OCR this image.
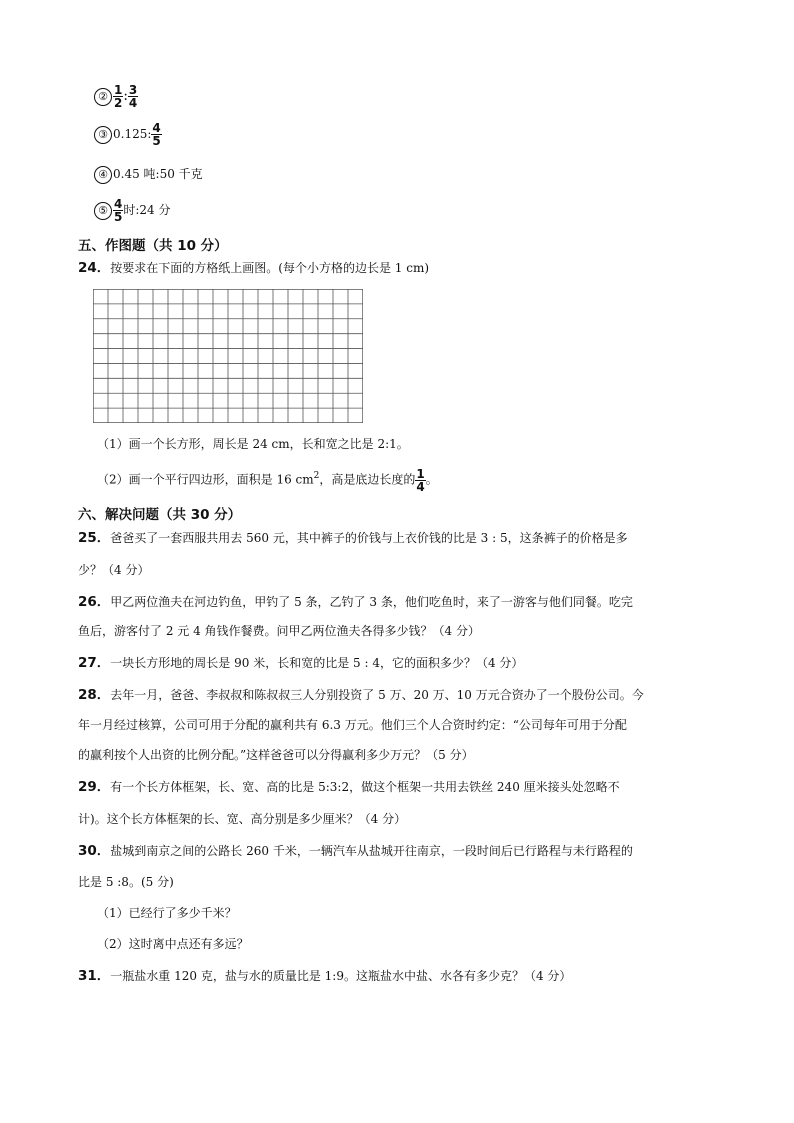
② $\frac{1}{2}$ : $\frac{3}{4}$
③ 0.125: $\frac{4}{5}$
④ 0.45 吨:50 千克
⑤ $\frac{4}{5}$ 时:24 分
五、作图题（共 10 分）
24．按要求在下面的方格纸上画图。(每个小方格的边长是 1 cm)
（1）画一个长方形，周长是 24 cm，长和宽之比是 2:1。
（2）画一个平行四边形，面积是 16 $cm^2$，高是底边长度的 $\frac{1}{4}$ 。
六、解决问题（共 30 分）
25．爸爸买了一套西服共用去 560 元，其中裤子的价钱与上衣价钱的比是 3 : 5，这条裤子的价格是多
少？（4 分）
26．甲乙两位渔夫在河边钓鱼，甲钓了 5 条，乙钓了 3 条，他们吃鱼时，来了一游客与他们同餐。吃完
鱼后，游客付了 2 元 4 角钱作餐费。问甲乙两位渔夫各得多少钱？（4 分）
27．一块长方形地的周长是 90 米，长和宽的比是 5 : 4，它的面积多少？（4 分）
28．去年一月，爸爸、李叔叔和陈叔叔三人分别投资了 5 万、20 万、10 万元合资办了一个股份公司。今
年一月经过核算，公司可用于分配的赢利共有 6.3 万元。他们三个人合资时约定：“公司每年可用于分配
的赢利按个人出资的比例分配。”这样爸爸可以分得赢利多少万元？（5 分）
29．有一个长方体框架，长、宽、高的比是 5:3:2，做这个框架一共用去铁丝 240 厘米接头处忽略不
计)。这个长方体框架的长、宽、高分别是多少厘米？（4 分）
30．盐城到南京之间的公路长 260 千米，一辆汽车从盐城开往南京，一段时间后已行路程与未行路程的
比是 5 :8。(5 分)
（1）已经行了多少千米？
（2）这时离中点还有多远？
31．一瓶盐水重 120 克，盐与水的质量比是 1:9。这瓶盐水中盐、水各有多少克？（4 分）
